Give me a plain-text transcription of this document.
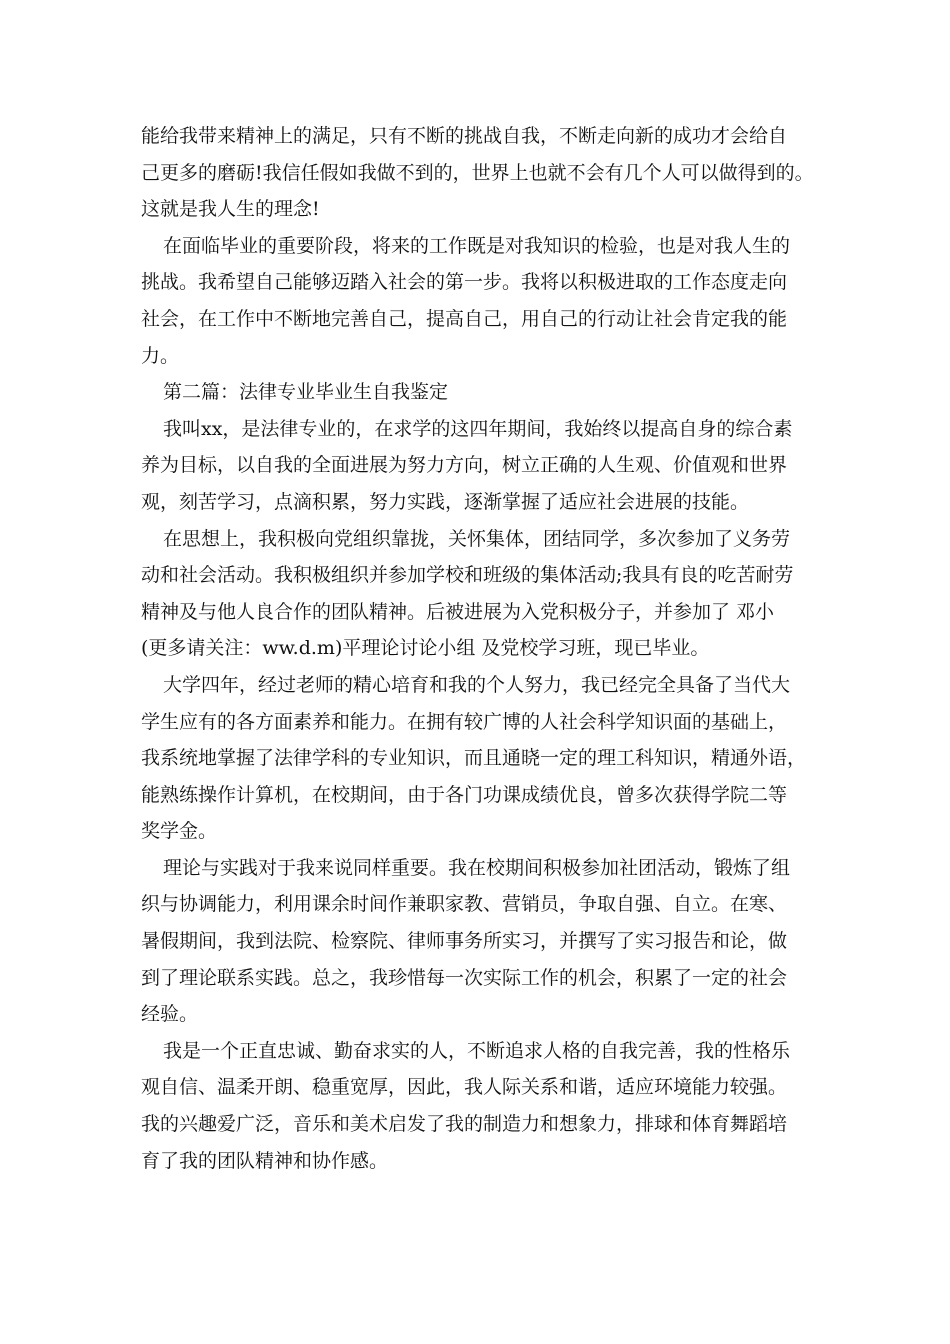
能给我带来精神上的满足，只有不断的挑战自我，不断走向新的成功才会给自
己更多的磨砺!我信任假如我做不到的，世界上也就不会有几个人可以做得到的。
这就是我人生的理念!
在面临毕业的重要阶段，将来的工作既是对我知识的检验，也是对我人生的
挑战。我希望自己能够迈踏入社会的第一步。我将以积极进取的工作态度走向
社会，在工作中不断地完善自己，提高自己，用自己的行动让社会肯定我的能
力。
第二篇：法律专业毕业生自我鉴定
我叫xx，是法律专业的，在求学的这四年期间，我始终以提高自身的综合素
养为目标，以自我的全面进展为努力方向，树立正确的人生观、价值观和世界
观，刻苦学习，点滴积累，努力实践，逐渐掌握了适应社会进展的技能。
在思想上，我积极向党组织靠拢，关怀集体，团结同学，多次参加了义务劳
动和社会活动。我积极组织并参加学校和班级的集体活动;我具有良的吃苦耐劳
精神及与他人良合作的团队精神。后被进展为入党积极分子，并参加了 邓小
(更多请关注：ww.d.m)平理论讨论小组 及党校学习班，现已毕业。
大学四年，经过老师的精心培育和我的个人努力，我已经完全具备了当代大
学生应有的各方面素养和能力。在拥有较广博的人社会科学知识面的基础上，
我系统地掌握了法律学科的专业知识，而且通晓一定的理工科知识，精通外语，
能熟练操作计算机，在校期间，由于各门功课成绩优良，曾多次获得学院二等
奖学金。
理论与实践对于我来说同样重要。我在校期间积极参加社团活动，锻炼了组
织与协调能力，利用课余时间作兼职家教、营销员，争取自强、自立。在寒、
暑假期间，我到法院、检察院、律师事务所实习，并撰写了实习报告和论，做
到了理论联系实践。总之，我珍惜每一次实际工作的机会，积累了一定的社会
经验。
我是一个正直忠诚、勤奋求实的人，不断追求人格的自我完善，我的性格乐
观自信、温柔开朗、稳重宽厚，因此，我人际关系和谐，适应环境能力较强。
我的兴趣爱广泛，音乐和美术启发了我的制造力和想象力，排球和体育舞蹈培
育了我的团队精神和协作感。
